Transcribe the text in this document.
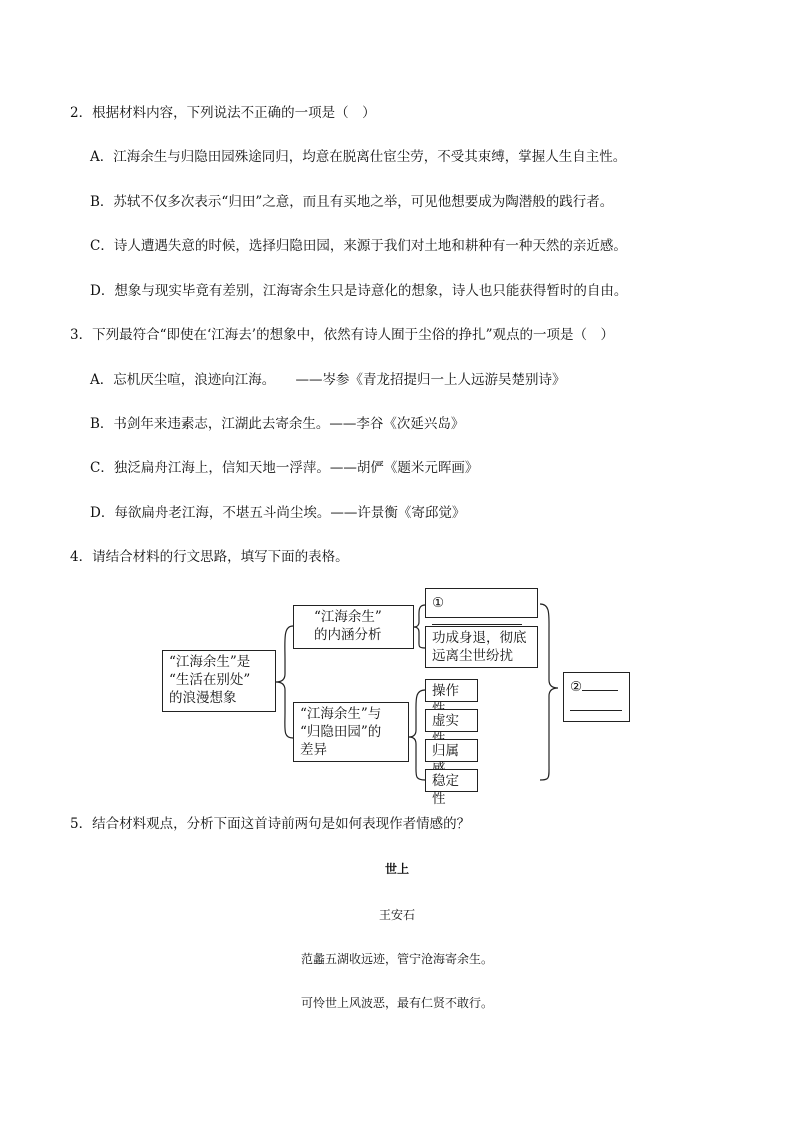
2．根据材料内容，下列说法不正确的一项是（　）
A．江海余生与归隐田园殊途同归，均意在脱离仕宦尘劳，不受其束缚，掌握人生自主性。
B．苏轼不仅多次表示“归田”之意，而且有买地之举，可见他想要成为陶潜般的践行者。
C．诗人遭遇失意的时候，选择归隐田园，来源于我们对土地和耕种有一种天然的亲近感。
D．想象与现实毕竟有差别，江海寄余生只是诗意化的想象，诗人也只能获得暂时的自由。
3．下列最符合“即使在‘江海去’的想象中，依然有诗人囿于尘俗的挣扎”观点的一项是（　）
A．忘机厌尘喧，浪迹向江海。　　——岑参《青龙招提归一上人远游吴楚别诗》
B．书剑年来违素志，江湖此去寄余生。——李谷《次延兴岛》
C．独泛扁舟江海上，信知天地一浮萍。——胡俨《题米元晖画》
D．每欲扁舟老江海，不堪五斗尚尘埃。——许景衡《寄邱觉》
4．请结合材料的行文思路，填写下面的表格。
“江海余生”是
“生活在别处”
的浪漫想象
“江海余生”
的内涵分析
“江海余生”与
“归隐田园”的
差异
①
功成身退，彻底
远离尘世纷扰
操作
虚实
归属
稳定性
②
5．结合材料观点，分析下面这首诗前两句是如何表现作者情感的？
世上
王安石
范蠡五湖收远迹，管宁沧海寄余生。
可怜世上风波恶，最有仁贤不敢行。
